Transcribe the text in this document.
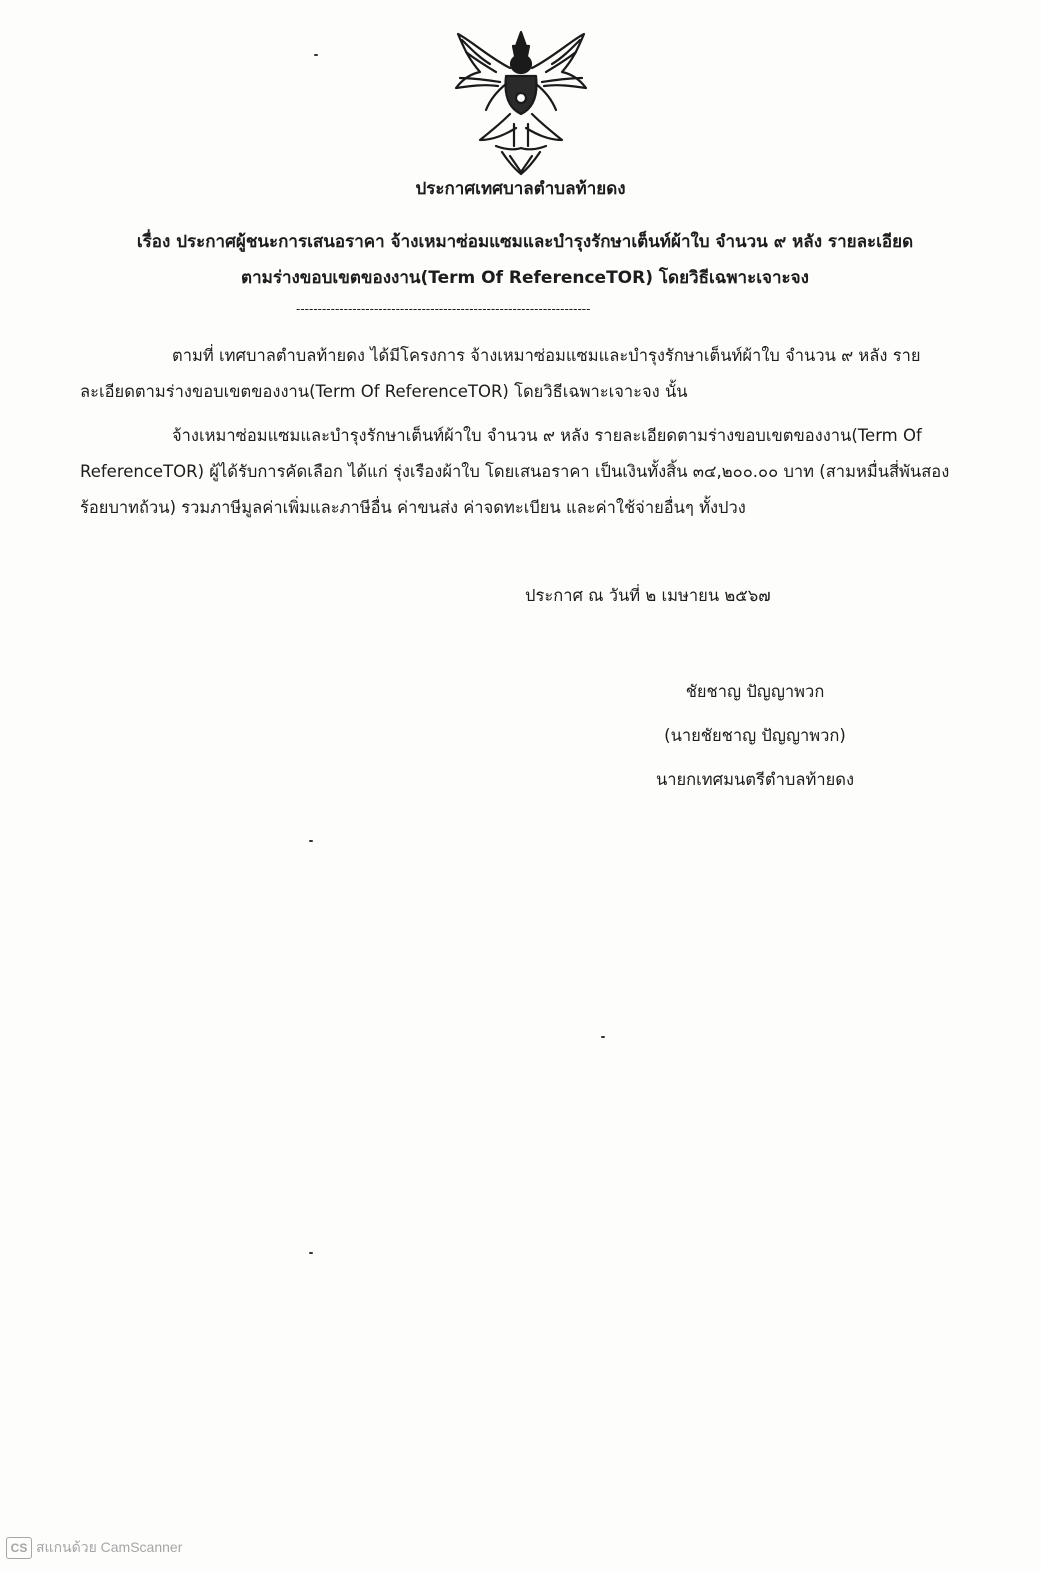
ประกาศเทศบาลตำบลท้ายดง
เรื่อง ประกาศผู้ชนะการเสนอราคา จ้างเหมาซ่อมแซมและบำรุงรักษาเต็นท์ผ้าใบ จำนวน ๙ หลัง รายละเอียด
ตามร่างขอบเขตของงาน(Term Of ReferenceTOR) โดยวิธีเฉพาะเจาะจง
--------------------------------------------------------------------
ตามที่ เทศบาลตำบลท้ายดง ได้มีโครงการ จ้างเหมาซ่อมแซมและบำรุงรักษาเต็นท์ผ้าใบ จำนวน ๙ หลัง รายละเอียดตามร่างขอบเขตของงาน(Term Of ReferenceTOR) โดยวิธีเฉพาะเจาะจง นั้น
จ้างเหมาซ่อมแซมและบำรุงรักษาเต็นท์ผ้าใบ จำนวน ๙ หลัง รายละเอียดตามร่างขอบเขตของงาน(Term Of ReferenceTOR) ผู้ได้รับการคัดเลือก ได้แก่ รุ่งเรืองผ้าใบ โดยเสนอราคา เป็นเงินทั้งสิ้น ๓๔,๒๐๐.๐๐ บาท (สามหมื่นสี่พันสองร้อยบาทถ้วน) รวมภาษีมูลค่าเพิ่มและภาษีอื่น ค่าขนส่ง ค่าจดทะเบียน และค่าใช้จ่ายอื่นๆ ทั้งปวง
ประกาศ ณ วันที่ ๒ เมษายน ๒๕๖๗
ชัยชาญ ปัญญาพวก
(นายชัยชาญ ปัญญาพวก)
นายกเทศมนตรีตำบลท้ายดง
CS สแกนด้วย CamScanner
